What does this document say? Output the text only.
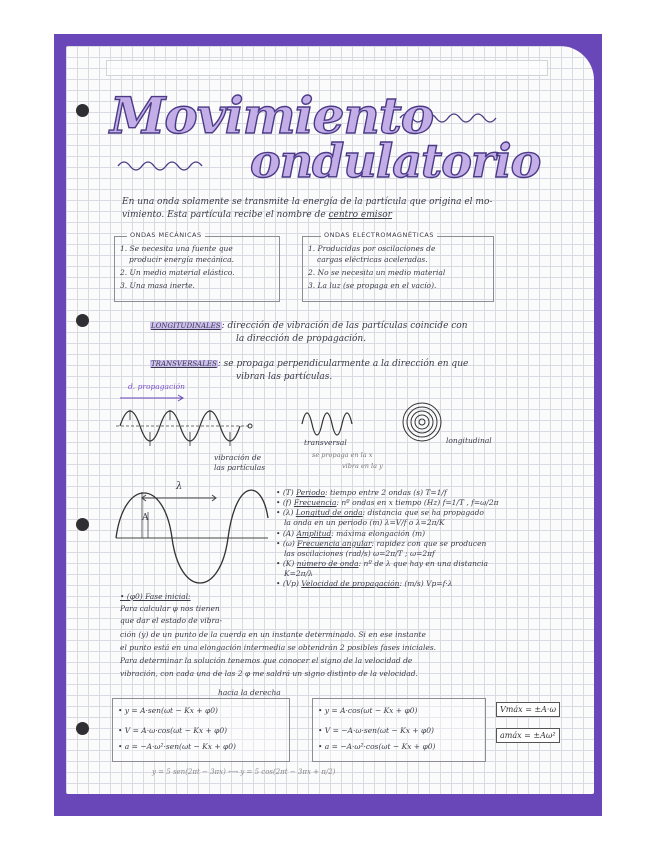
Movimiento
ondulatorio
En una onda solamente se transmite la energía de la partícula que origina el mo-
vimiento. Esta partícula recibe el nombre de centro emisor
ONDAS MECÁNICAS
1. Se necesita una fuente que
producir energía mecánica.
2. Un medio material elástico.
3. Una masa inerte.
ONDAS ELECTROMAGNÉTICAS
1. Producidas por oscilaciones de
cargas eléctricas aceleradas.
2. No se necesita un medio material
3. La luz (se propaga en el vacío).
LONGITUDINALES: dirección de vibración de las partículas coincide con
la dirección de propagación.
TRANSVERSALES: se propaga perpendicularmente a la dirección en que
vibran las partículas.
d. propagación
vibración de
las partículas
transversal
se propaga en la x
vibra en la y
longitudinal
λ
A
• (T) Periodo: tiempo entre 2 ondas (s) T=1/f
• (f) Frecuencia: nº ondas en x tiempo (Hz) f=1/T , f=ω/2π
• (λ) Longitud de onda: distancia que se ha propagado
la onda en un periodo (m) λ=V/f o λ=2π/K
• (A) Amplitud: máxima elongación (m)
• (ω) Frecuencia angular: rapidez con que se producen
las oscilaciones (rad/s) ω=2π/T ; ω=2πf
• (K) número de onda: nº de λ que hay en una distancia
K=2π/λ
• (Vp) Velocidad de propagación: (m/s) Vp=f·λ
• (φ0) Fase inicial:
Para calcular φ nos tienen
que dar el estado de vibra-
ción (y) de un punto de la cuerda en un instante determinado. Si en ese instante
el punto está en una elongación intermedia se obtendrán 2 posibles fases iniciales.
Para determinar la solución tenemos que conocer el signo de la velocidad de
vibración, con cada una de las 2 φ me saldrá un signo distinto de la velocidad.
hacia la derecha
• y = A·sen(ωt − Kx + φ0)
• V = A·ω·cos(ωt − Kx + φ0)
• a = −A·ω²·sen(ωt − Kx + φ0)
• y = A·cos(ωt − Kx + φ0)
• V = −A·ω·sen(ωt − Kx + φ0)
• a = −A·ω²·cos(ωt − Kx + φ0)
Vmáx = ±A·ω
amáx = ±Aω²
y = 5 sen(2πt − 3πx) ⟷ y = 5 cos(2πt − 3πx + π/2)
